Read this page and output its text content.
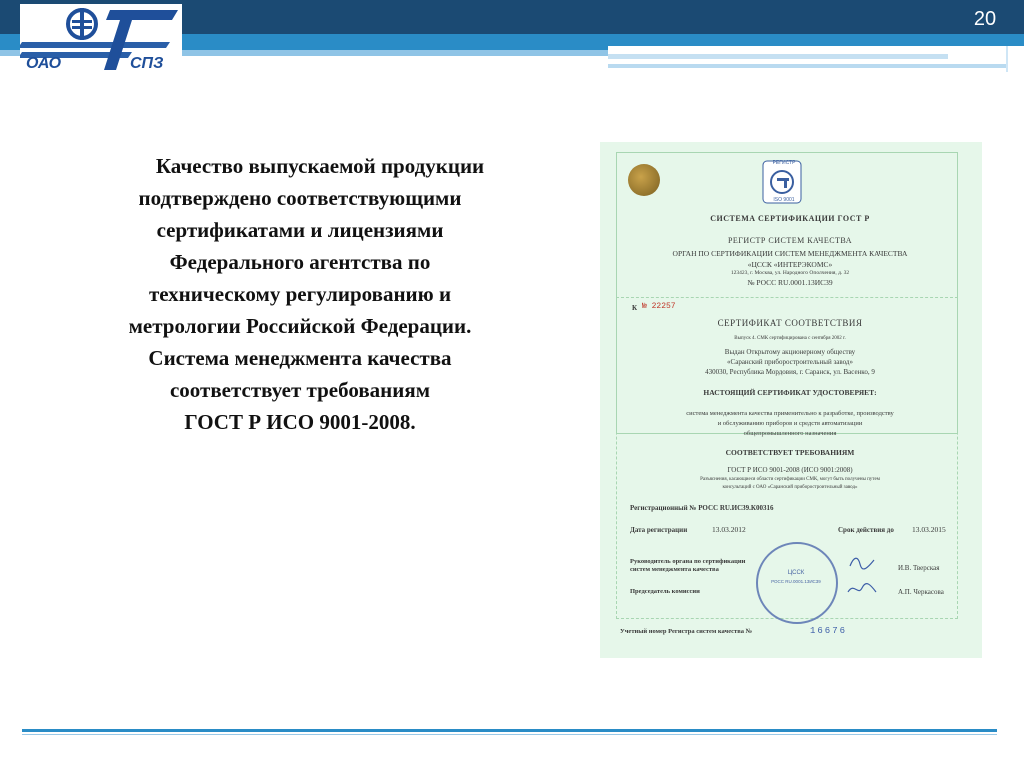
ОАО	СПЗ
20

Качество выпускаемой продукции

подтверждено соответствующими

сертификатами и лицензиями

Федерального агентства по

техническому регулированию и

метрологии Российской Федерации.

Система менеджмента качества

соответствует требованиям

ГОСТ Р ИСО 9001-2008.

РЕГИСТР
ISO 9001
СИСТЕМА СЕРТИФИКАЦИИ ГОСТ Р
РЕГИСТР СИСТЕМ КАЧЕСТВА
ОРГАН ПО СЕРТИФИКАЦИИ СИСТЕМ МЕНЕДЖМЕНТА КАЧЕСТВА
«ЦССК «ИНТЕРЭКОМС»
123423, г. Москва, ул. Народного Ополчения, д. 32
№ РОСС RU.0001.13ИС39
К № 22257
СЕРТИФИКАТ СООТВЕТСТВИЯ
Выпуск 4. СМК сертифицирована с сентября 2002 г.
Выдан Открытому акционерному обществу
«Саранский приборостроительный завод»
430030, Республика Мордовия, г. Саранск, ул. Васенко, 9
НАСТОЯЩИЙ СЕРТИФИКАТ УДОСТОВЕРЯЕТ:
система менеджмента качества применительно к разработке, производству
и обслуживанию приборов и средств автоматизации
общепромышленного назначения
СООТВЕТСТВУЕТ ТРЕБОВАНИЯМ
ГОСТ Р ИСО 9001-2008 (ИСО 9001:2008)
Разъяснения, касающиеся области сертификации СМК, могут быть получены путем
консультаций с ОАО «Саранский приборостроительный завод»
Регистрационный № РОСС RU.ИС39.К00316
Дата регистрации	13.03.2012	Срок действия до 13.03.2015
ЦССК
РОСС RU.0001.13ИС39
Руководитель органа по сертификации
систем менеджмента качества	И.В. Тверская
Председатель комиссии	А.П. Черкасова
Учетный номер Регистра систем качества №	16676
